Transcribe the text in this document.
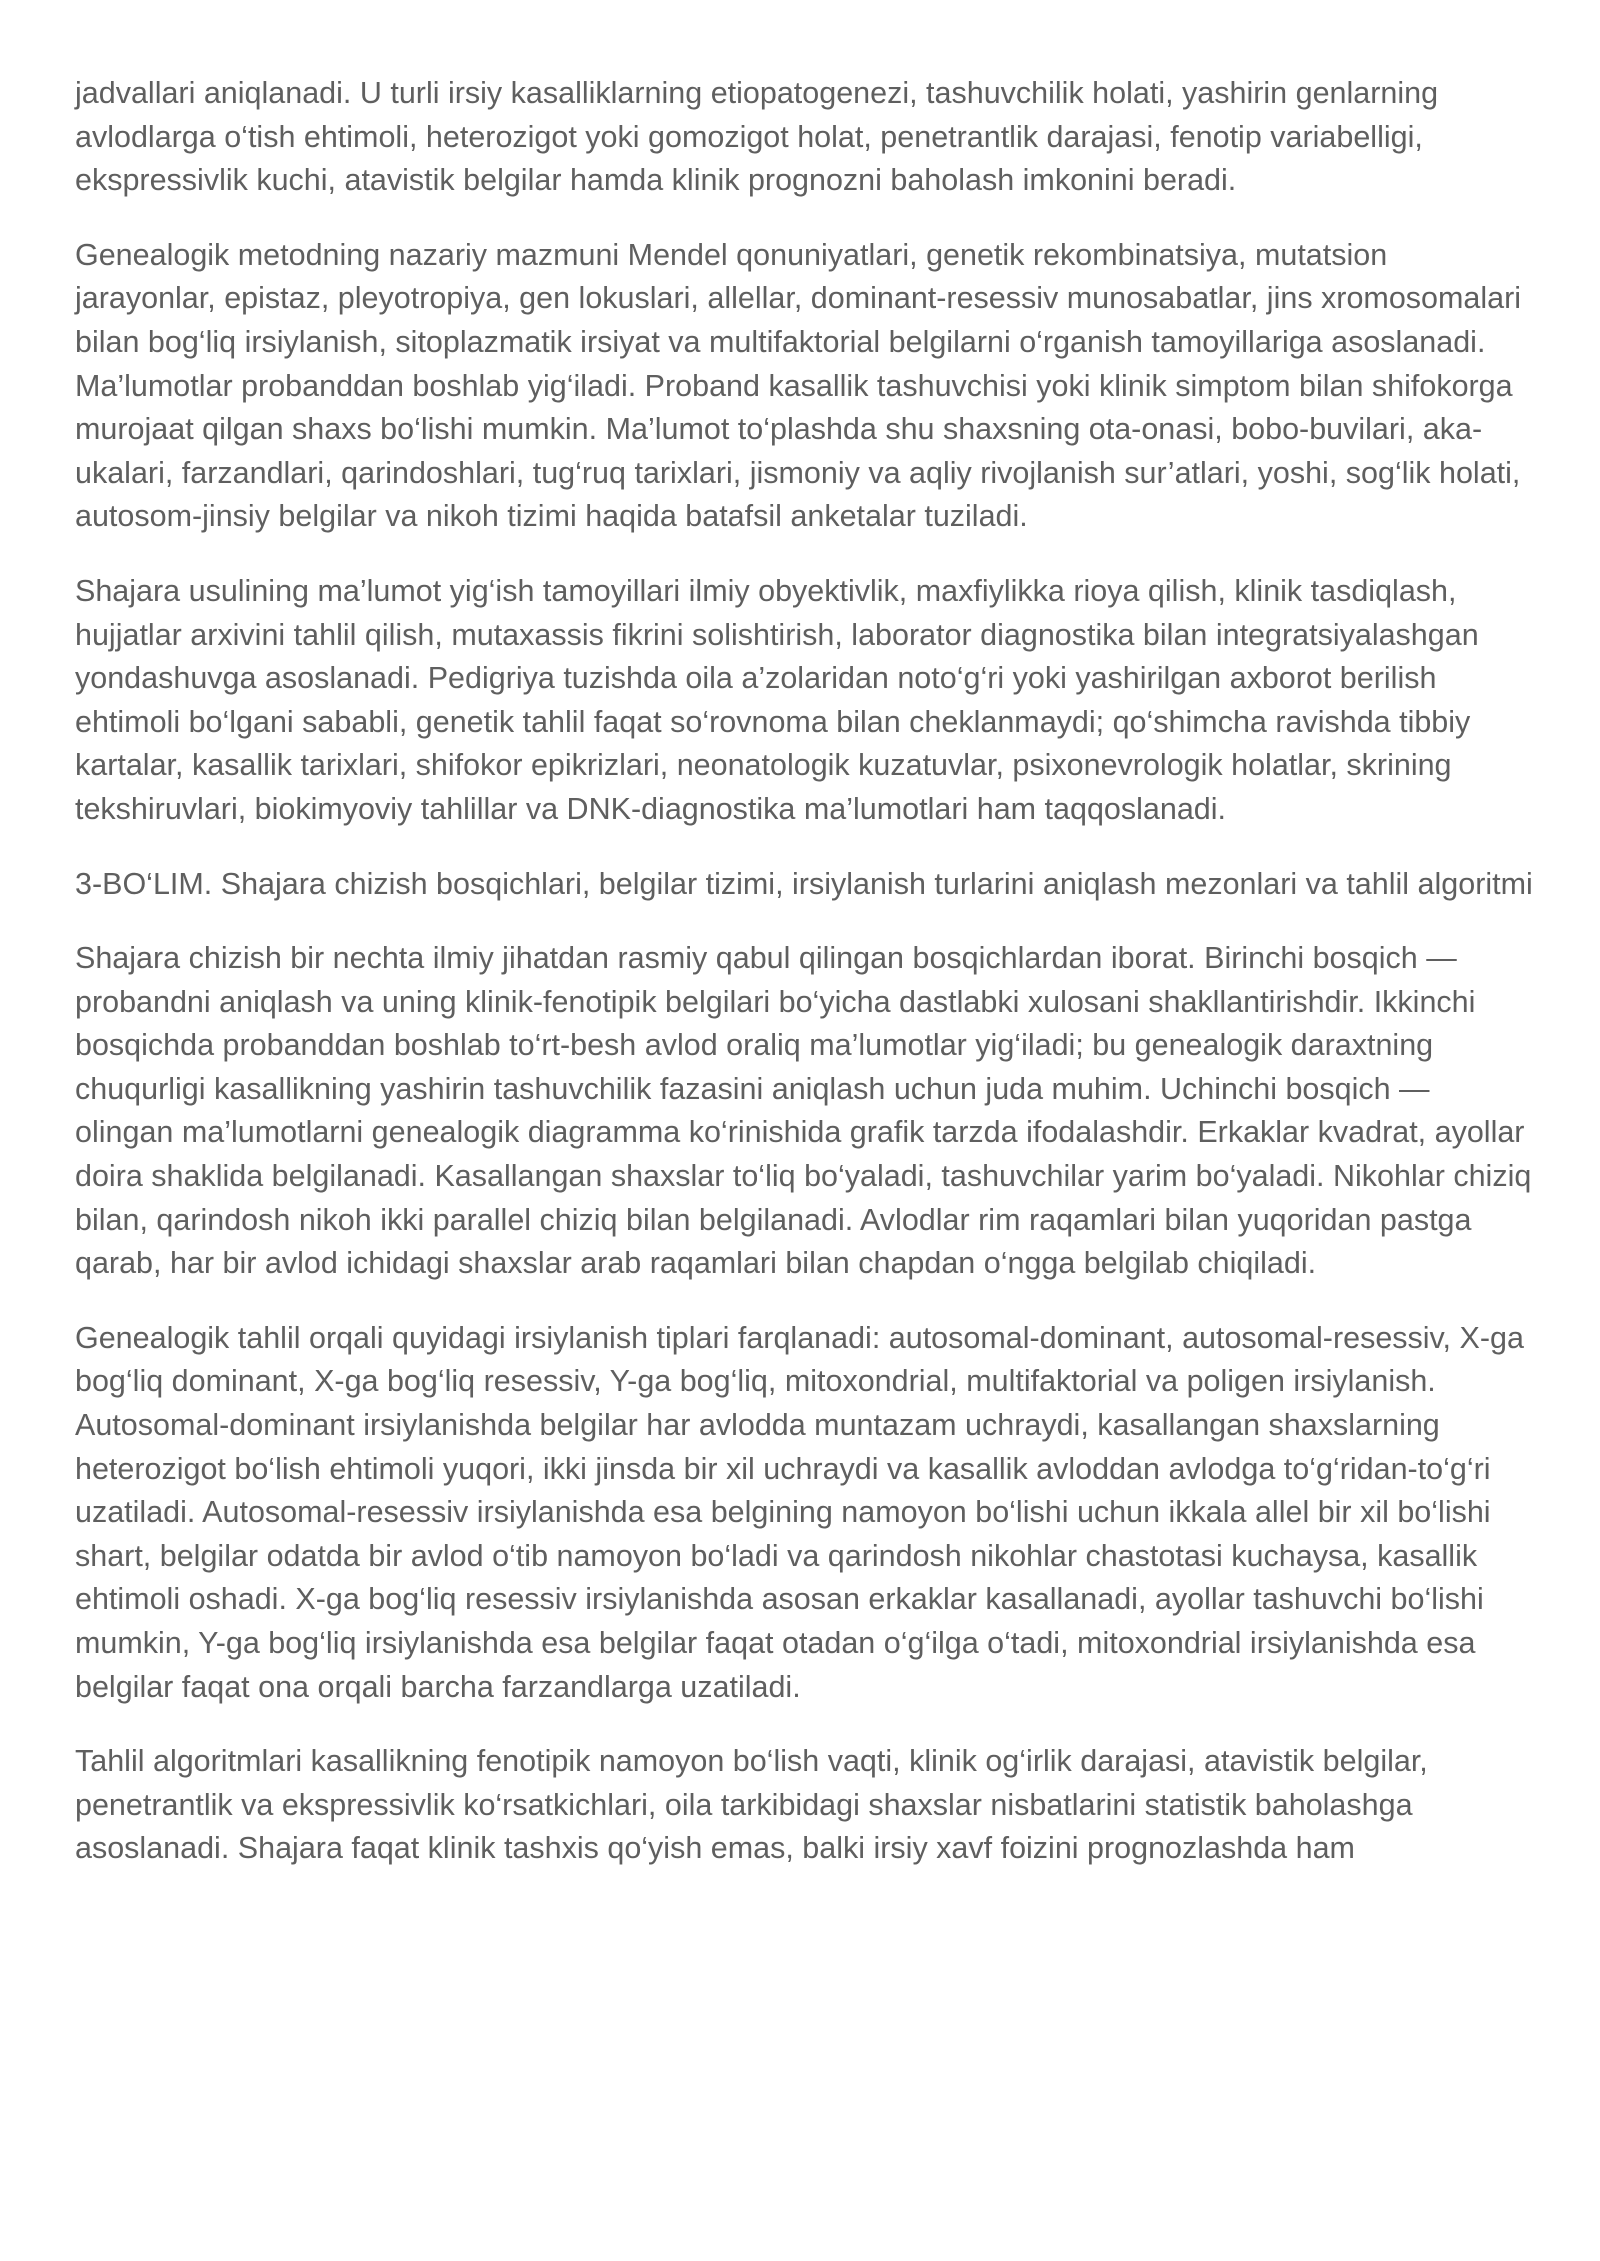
jadvallari aniqlanadi. U turli irsiy kasalliklarning etiopatogenezi, tashuvchilik holati, yashirin genlarning avlodlarga o‘tish ehtimoli, heterozigot yoki gomozigot holat, penetrantlik darajasi, fenotip variabelligi, ekspressivlik kuchi, atavistik belgilar hamda klinik prognozni baholash imkonini beradi.

Genealogik metodning nazariy mazmuni Mendel qonuniyatlari, genetik rekombinatsiya, mutatsion jarayonlar, epistaz, pleyotropiya, gen lokuslari, allellar, dominant-resessiv munosabatlar, jins xromosomalari bilan bog‘liq irsiylanish, sitoplazmatik irsiyat va multifaktorial belgilarni o‘rganish tamoyillariga asoslanadi. Ma’lumotlar probanddan boshlab yig‘iladi. Proband kasallik tashuvchisi yoki klinik simptom bilan shifokorga murojaat qilgan shaxs bo‘lishi mumkin. Ma’lumot to‘plashda shu shaxsning ota-onasi, bobo-buvilari, aka-ukalari, farzandlari, qarindoshlari, tug‘ruq tarixlari, jismoniy va aqliy rivojlanish sur’atlari, yoshi, sog‘lik holati, autosom-jinsiy belgilar va nikoh tizimi haqida batafsil anketalar tuziladi.

Shajara usulining ma’lumot yig‘ish tamoyillari ilmiy obyektivlik, maxfiylikka rioya qilish, klinik tasdiqlash, hujjatlar arxivini tahlil qilish, mutaxassis fikrini solishtirish, laborator diagnostika bilan integratsiyalashgan yondashuvga asoslanadi. Pedigriya tuzishda oila a’zolaridan noto‘g‘ri yoki yashirilgan axborot berilish ehtimoli bo‘lgani sababli, genetik tahlil faqat so‘rovnoma bilan cheklanmaydi; qo‘shimcha ravishda tibbiy kartalar, kasallik tarixlari, shifokor epikrizlari, neonatologik kuzatuvlar, psixonevrologik holatlar, skrining tekshiruvlari, biokimyoviy tahlillar va DNK-diagnostika ma’lumotlari ham taqqoslanadi.

3-BO‘LIM. Shajara chizish bosqichlari, belgilar tizimi, irsiylanish turlarini aniqlash mezonlari va tahlil algoritmi

Shajara chizish bir nechta ilmiy jihatdan rasmiy qabul qilingan bosqichlardan iborat. Birinchi bosqich — probandni aniqlash va uning klinik-fenotipik belgilari bo‘yicha dastlabki xulosani shakllantirishdir. Ikkinchi bosqichda probanddan boshlab to‘rt-besh avlod oraliq ma’lumotlar yig‘iladi; bu genealogik daraxtning chuqurligi kasallikning yashirin tashuvchilik fazasini aniqlash uchun juda muhim. Uchinchi bosqich — olingan ma’lumotlarni genealogik diagramma ko‘rinishida grafik tarzda ifodalashdir. Erkaklar kvadrat, ayollar doira shaklida belgilanadi. Kasallangan shaxslar to‘liq bo‘yaladi, tashuvchilar yarim bo‘yaladi. Nikohlar chiziq bilan, qarindosh nikoh ikki parallel chiziq bilan belgilanadi. Avlodlar rim raqamlari bilan yuqoridan pastga qarab, har bir avlod ichidagi shaxslar arab raqamlari bilan chapdan o‘ngga belgilab chiqiladi.

Genealogik tahlil orqali quyidagi irsiylanish tiplari farqlanadi: autosomal-dominant, autosomal-resessiv, X-ga bog‘liq dominant, X-ga bog‘liq resessiv, Y-ga bog‘liq, mitoxondrial, multifaktorial va poligen irsiylanish. Autosomal-dominant irsiylanishda belgilar har avlodda muntazam uchraydi, kasallangan shaxslarning heterozigot bo‘lish ehtimoli yuqori, ikki jinsda bir xil uchraydi va kasallik avloddan avlodga to‘g‘ridan-to‘g‘ri uzatiladi. Autosomal-resessiv irsiylanishda esa belgining namoyon bo‘lishi uchun ikkala allel bir xil bo‘lishi shart, belgilar odatda bir avlod o‘tib namoyon bo‘ladi va qarindosh nikohlar chastotasi kuchaysa, kasallik ehtimoli oshadi. X-ga bog‘liq resessiv irsiylanishda asosan erkaklar kasallanadi, ayollar tashuvchi bo‘lishi mumkin, Y-ga bog‘liq irsiylanishda esa belgilar faqat otadan o‘g‘ilga o‘tadi, mitoxondrial irsiylanishda esa belgilar faqat ona orqali barcha farzandlarga uzatiladi.

Tahlil algoritmlari kasallikning fenotipik namoyon bo‘lish vaqti, klinik og‘irlik darajasi, atavistik belgilar, penetrantlik va ekspressivlik ko‘rsatkichlari, oila tarkibidagi shaxslar nisbatlarini statistik baholashga asoslanadi. Shajara faqat klinik tashxis qo‘yish emas, balki irsiy xavf foizini prognozlashda ham
